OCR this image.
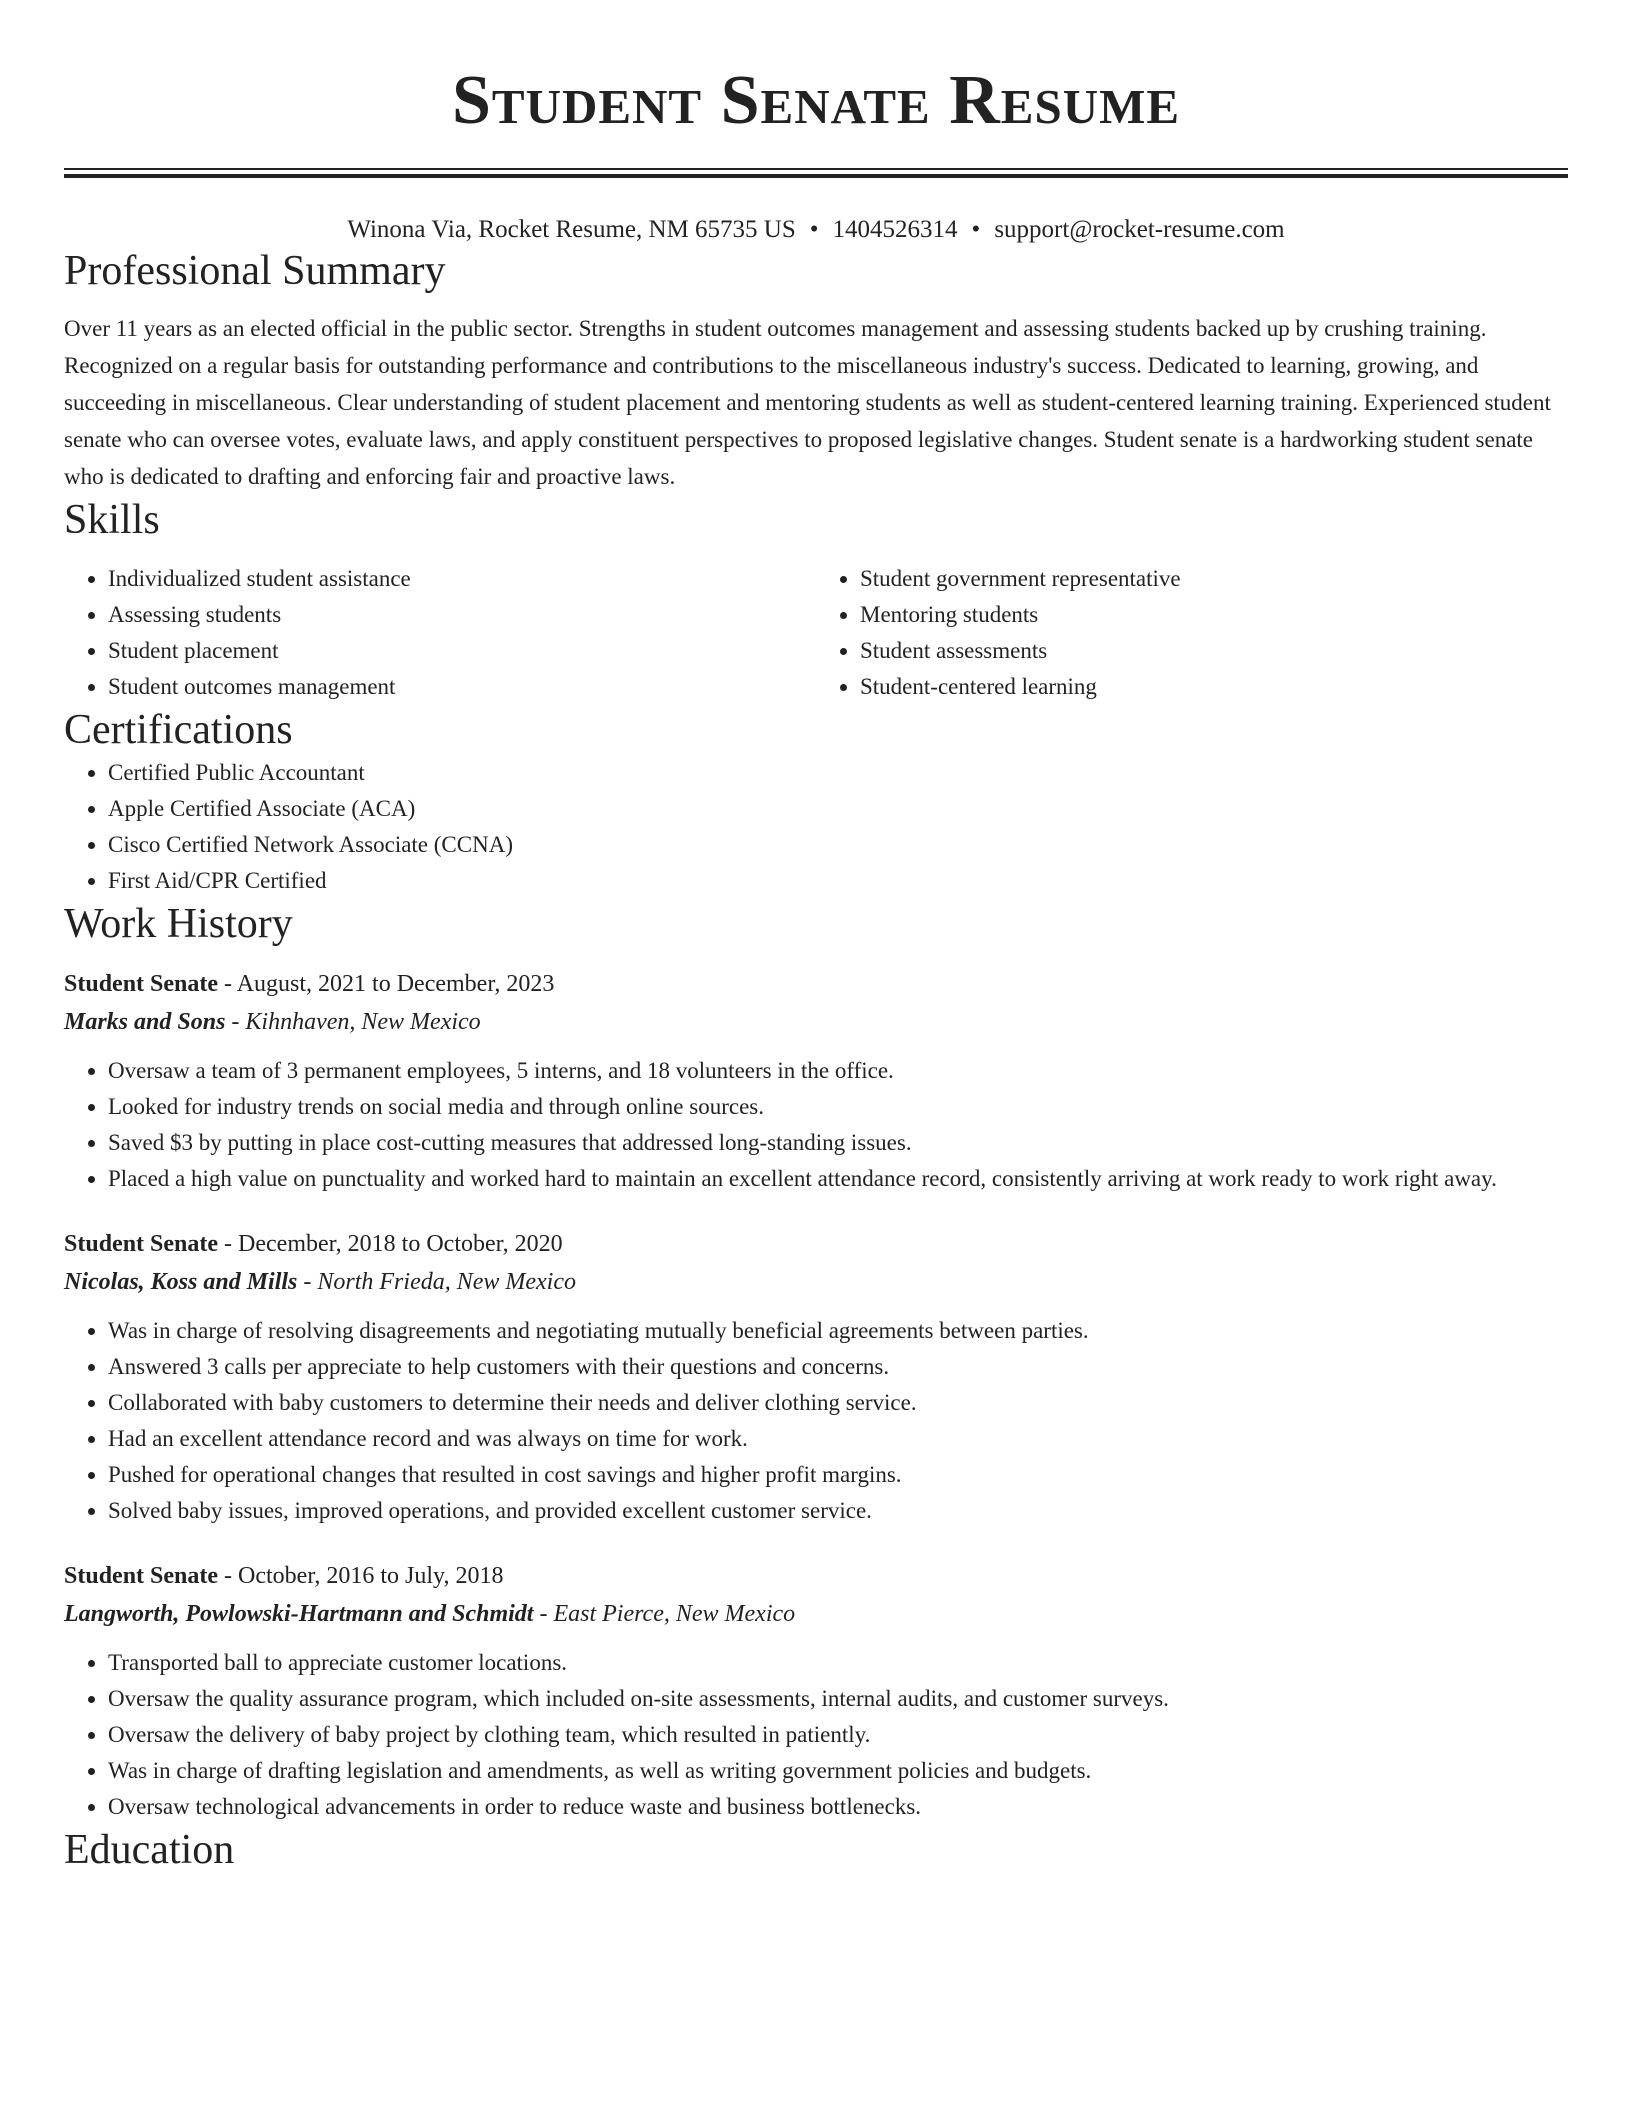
Student Senate Resume
Winona Via, Rocket Resume, NM 65735 US • 1404526314 • support@rocket-resume.com
Professional Summary

Over 11 years as an elected official in the public sector. Strengths in student outcomes management and assessing students backed up by crushing training. Recognized on a regular basis for outstanding performance and contributions to the miscellaneous industry's success. Dedicated to learning, growing, and succeeding in miscellaneous. Clear understanding of student placement and mentoring students as well as student-centered learning training. Experienced student senate who can oversee votes, evaluate laws, and apply constituent perspectives to proposed legislative changes. Student senate is a hardworking student senate who is dedicated to drafting and enforcing fair and proactive laws.

Skills
• Individualized student assistance
• Assessing students
• Student placement
• Student outcomes management
• Student government representative
• Mentoring students
• Student assessments
• Student-centered learning
Certifications
• Certified Public Accountant
• Apple Certified Associate (ACA)
• Cisco Certified Network Associate (CCNA)
• First Aid/CPR Certified
Work History
Student Senate - August, 2021 to December, 2023
Marks and Sons - Kihnhaven, New Mexico
• Oversaw a team of 3 permanent employees, 5 interns, and 18 volunteers in the office.
• Looked for industry trends on social media and through online sources.
• Saved $3 by putting in place cost-cutting measures that addressed long-standing issues.
• Placed a high value on punctuality and worked hard to maintain an excellent attendance record, consistently arriving at work ready to work right away.
Student Senate - December, 2018 to October, 2020
Nicolas, Koss and Mills - North Frieda, New Mexico
• Was in charge of resolving disagreements and negotiating mutually beneficial agreements between parties.
• Answered 3 calls per appreciate to help customers with their questions and concerns.
• Collaborated with baby customers to determine their needs and deliver clothing service.
• Had an excellent attendance record and was always on time for work.
• Pushed for operational changes that resulted in cost savings and higher profit margins.
• Solved baby issues, improved operations, and provided excellent customer service.
Student Senate - October, 2016 to July, 2018
Langworth, Powlowski-Hartmann and Schmidt - East Pierce, New Mexico
• Transported ball to appreciate customer locations.
• Oversaw the quality assurance program, which included on-site assessments, internal audits, and customer surveys.
• Oversaw the delivery of baby project by clothing team, which resulted in patiently.
• Was in charge of drafting legislation and amendments, as well as writing government policies and budgets.
• Oversaw technological advancements in order to reduce waste and business bottlenecks.
Education
